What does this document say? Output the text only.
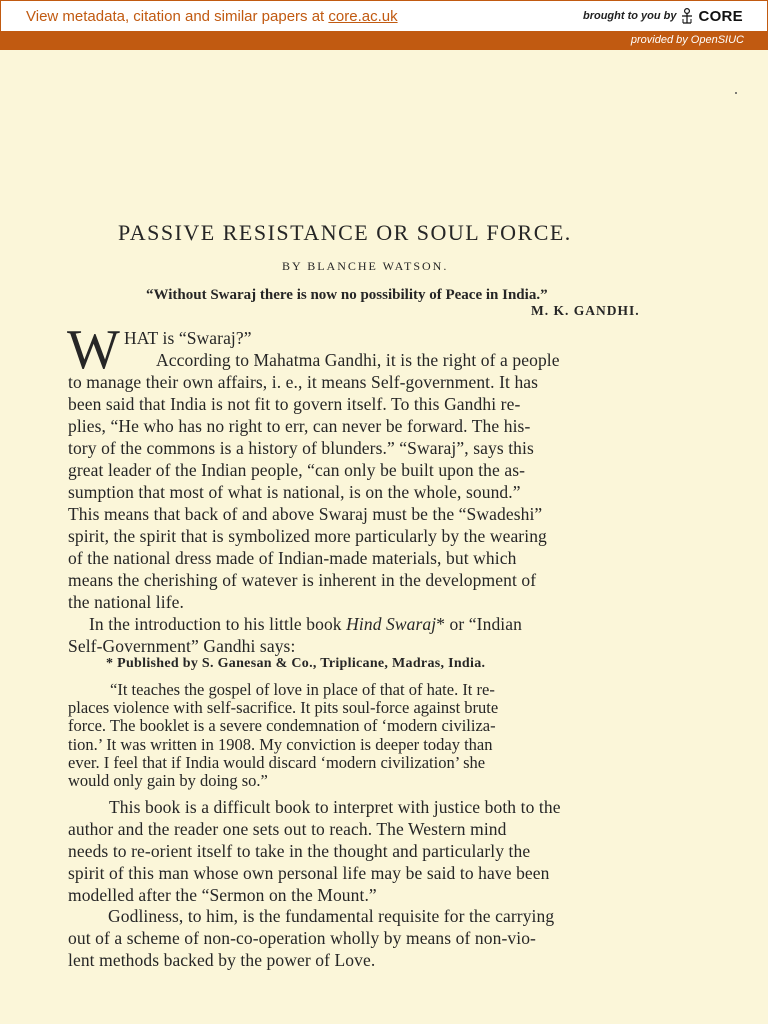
View metadata, citation and similar papers at core.ac.uk	brought to you by CORE
provided by OpenSIUC
PASSIVE RESISTANCE OR SOUL FORCE.
BY BLANCHE WATSON.
“Without Swaraj there is now no possibility of Peace in India.”
M. K. GANDHI.
W HAT is “Swaraj?”
According to Mahatma Gandhi, it is the right of a people
to manage their own affairs, i. e., it means Self-government. It has
been said that India is not fit to govern itself. To this Gandhi re-
plies, “He who has no right to err, can never be forward. The his-
tory of the commons is a history of blunders.” “Swaraj”, says this
great leader of the Indian people, “can only be built upon the as-
sumption that most of what is national, is on the whole, sound.”
This means that back of and above Swaraj must be the “Swadeshi”
spirit, the spirit that is symbolized more particularly by the wearing
of the national dress made of Indian-made materials, but which
means the cherishing of watever is inherent in the development of
the national life.
In the introduction to his little book Hind Swaraj* or “Indian
Self-Government” Gandhi says:
* Published by S. Ganesan & Co., Triplicane, Madras, India.
“It teaches the gospel of love in place of that of hate. It re-
places violence with self-sacrifice. It pits soul-force against brute
force. The booklet is a severe condemnation of ‘modern civiliza-
tion.’ It was written in 1908. My conviction is deeper today than
ever. I feel that if India would discard ‘modern civilization’ she
would only gain by doing so.”
This book is a difficult book to interpret with justice both to the
author and the reader one sets out to reach. The Western mind
needs to re-orient itself to take in the thought and particularly the
spirit of this man whose own personal life may be said to have been
modelled after the “Sermon on the Mount.”
Godliness, to him, is the fundamental requisite for the carrying
out of a scheme of non-co-operation wholly by means of non-vio-
lent methods backed by the power of Love.
